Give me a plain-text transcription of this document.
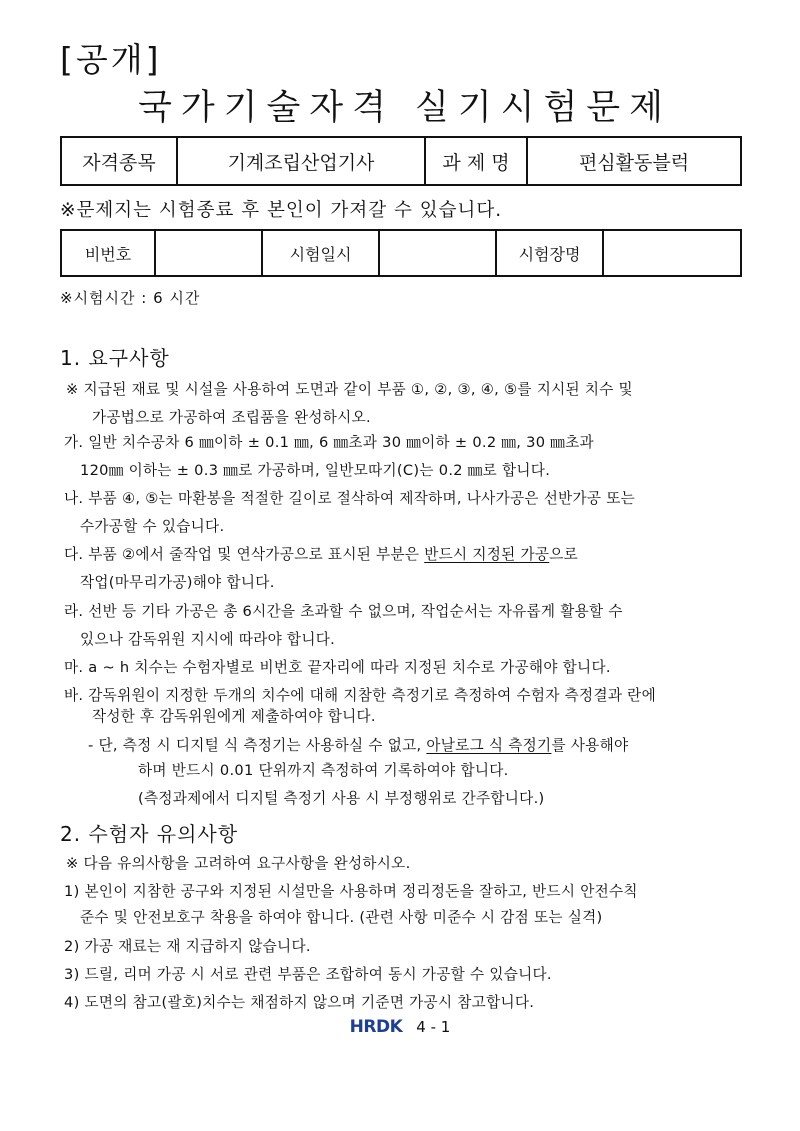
[공개]
국가기술자격 실기시험문제
자격종목	기계조립산업기사	과 제 명	편심활동블럭
※문제지는 시험종료 후 본인이 가져갈 수 있습니다.
비번호		시험일시		시험장명	
※시험시간 : 6 시간
1. 요구사항
※ 지급된 재료 및 시설을 사용하여 도면과 같이 부품 ①, ②, ③, ④, ⑤를 지시된 치수 및
가공법으로 가공하여 조립품을 완성하시오.
가. 일반 치수공차 6 ㎜이하 ± 0.1 ㎜, 6 ㎜초과 30 ㎜이하 ± 0.2 ㎜, 30 ㎜초과
120㎜ 이하는 ± 0.3 ㎜로 가공하며, 일반모따기(C)는 0.2 ㎜로 합니다.
나. 부품 ④, ⑤는 마환봉을 적절한 길이로 절삭하여 제작하며, 나사가공은 선반가공 또는
수가공할 수 있습니다.
다. 부품 ②에서 줄작업 및 연삭가공으로 표시된 부분은 반드시 지정된 가공으로
작업(마무리가공)해야 합니다.
라. 선반 등 기타 가공은 총 6시간을 초과할 수 없으며, 작업순서는 자유롭게 활용할 수
있으나 감독위원 지시에 따라야 합니다.
마. a ~ h 치수는 수험자별로 비번호 끝자리에 따라 지정된 치수로 가공해야 합니다.
바. 감독위원이 지정한 두개의 치수에 대해 지참한 측정기로 측정하여 수험자 측정결과 란에
작성한 후 감독위원에게 제출하여야 합니다.
- 단, 측정 시 디지털 식 측정기는 사용하실 수 없고, 아날로그 식 측정기를 사용해야
하며 반드시 0.01 단위까지 측정하여 기록하여야 합니다.
(측정과제에서 디지털 측정기 사용 시 부정행위로 간주합니다.)
2. 수험자 유의사항
※ 다음 유의사항을 고려하여 요구사항을 완성하시오.
1) 본인이 지참한 공구와 지정된 시설만을 사용하며 정리정돈을 잘하고, 반드시 안전수칙
준수 및 안전보호구 착용을 하여야 합니다. (관련 사항 미준수 시 감점 또는 실격)
2) 가공 재료는 재 지급하지 않습니다.
3) 드릴, 리머 가공 시 서로 관련 부품은 조합하여 동시 가공할 수 있습니다.
4) 도면의 참고(괄호)치수는 채점하지 않으며 기준면 가공시 참고합니다.
HRDK 4 - 1
